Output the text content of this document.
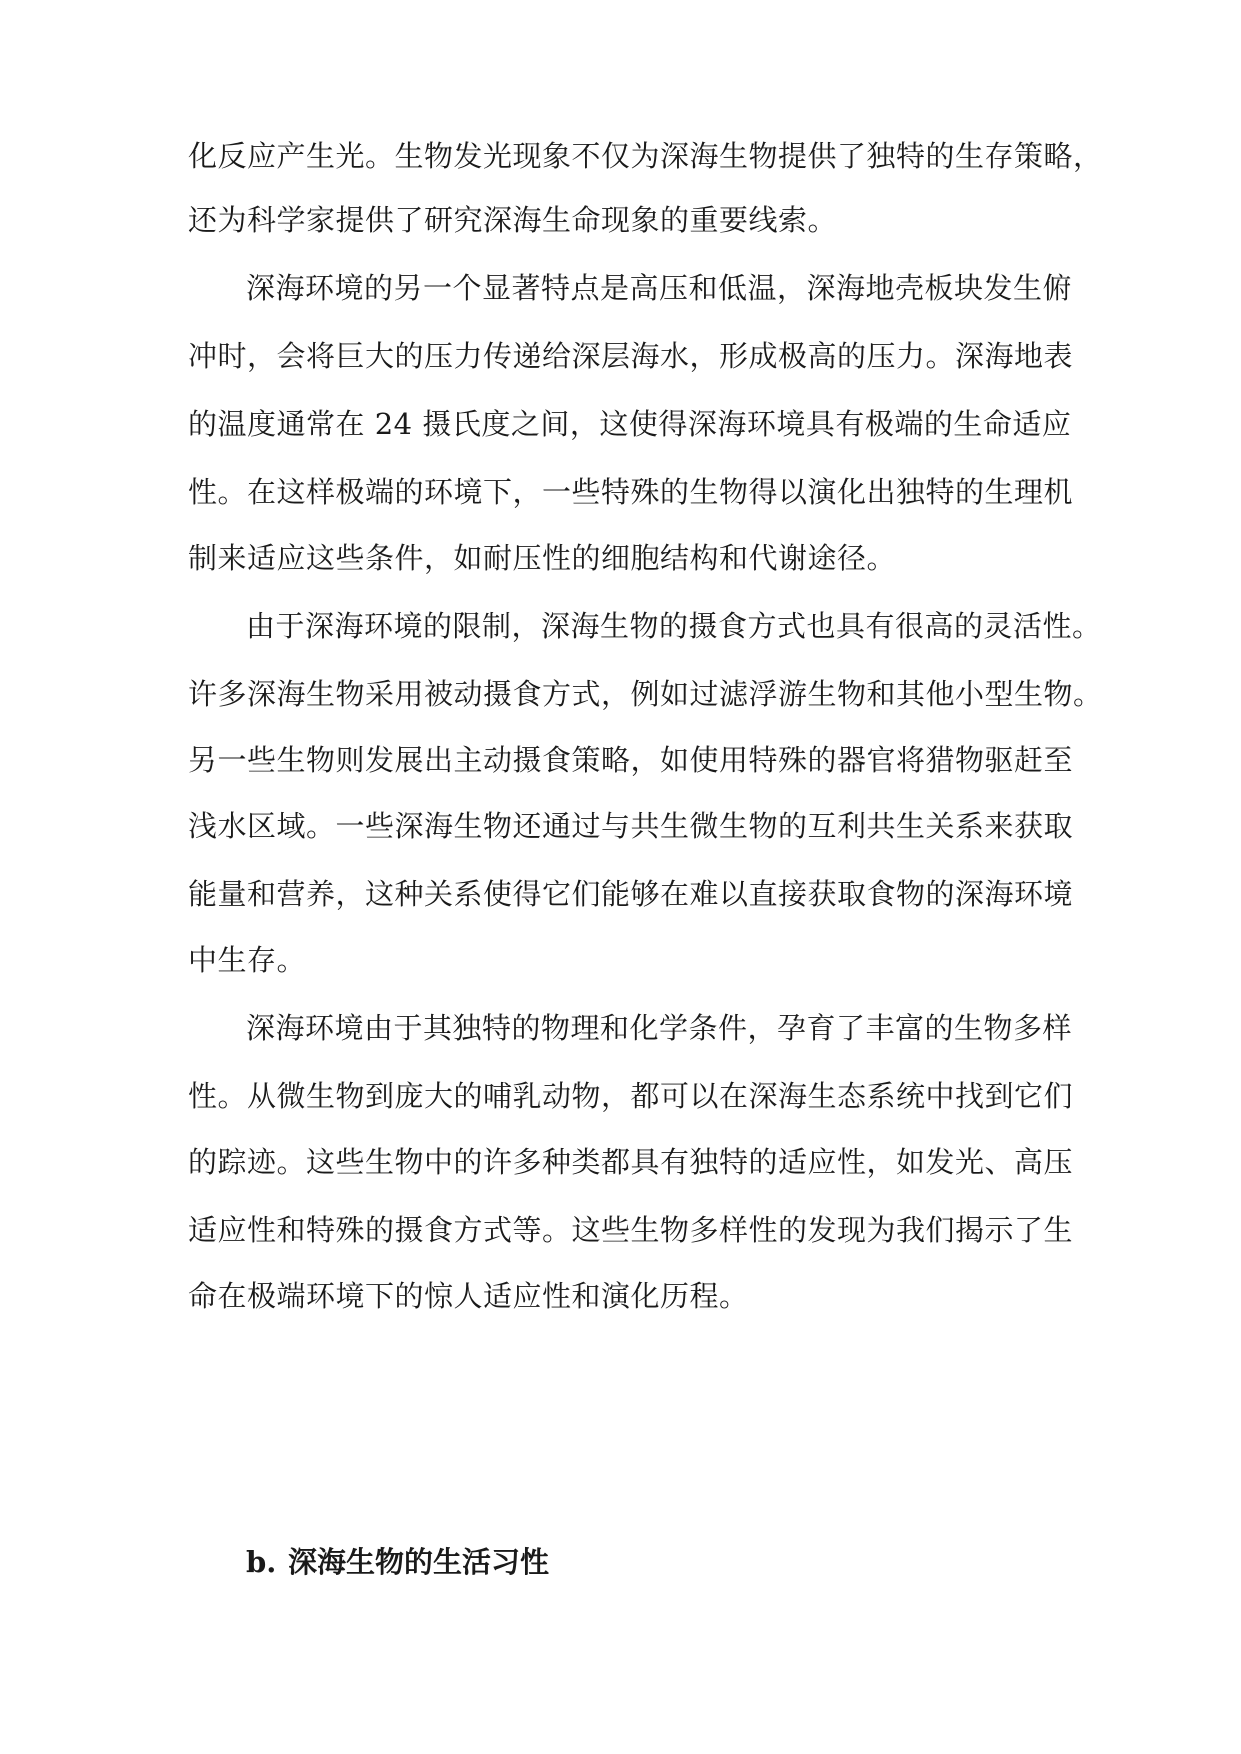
化反应产生光。生物发光现象不仅为深海生物提供了独特的生存策略，
还为科学家提供了研究深海生命现象的重要线索。
深海环境的另一个显著特点是高压和低温，深海地壳板块发生俯
冲时，会将巨大的压力传递给深层海水，形成极高的压力。深海地表
的温度通常在 24 摄氏度之间，这使得深海环境具有极端的生命适应
性。在这样极端的环境下，一些特殊的生物得以演化出独特的生理机
制来适应这些条件，如耐压性的细胞结构和代谢途径。
由于深海环境的限制，深海生物的摄食方式也具有很高的灵活性。
许多深海生物采用被动摄食方式，例如过滤浮游生物和其他小型生物。
另一些生物则发展出主动摄食策略，如使用特殊的器官将猎物驱赶至
浅水区域。一些深海生物还通过与共生微生物的互利共生关系来获取
能量和营养，这种关系使得它们能够在难以直接获取食物的深海环境
中生存。
深海环境由于其独特的物理和化学条件，孕育了丰富的生物多样
性。从微生物到庞大的哺乳动物，都可以在深海生态系统中找到它们
的踪迹。这些生物中的许多种类都具有独特的适应性，如发光、高压
适应性和特殊的摄食方式等。这些生物多样性的发现为我们揭示了生
命在极端环境下的惊人适应性和演化历程。
b. 深海生物的生活习性
